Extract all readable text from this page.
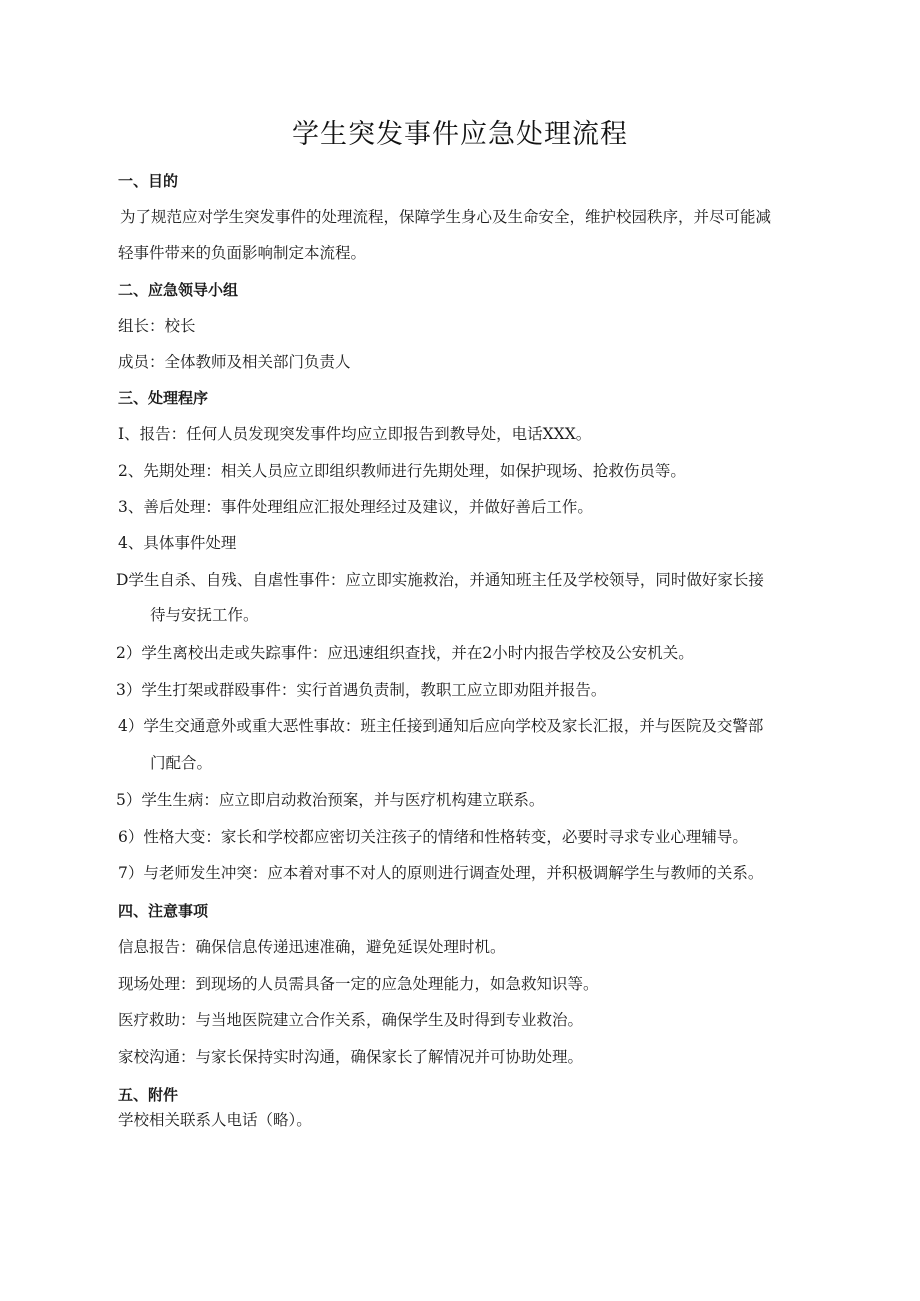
学生突发事件应急处理流程
一、目的
为了规范应对学生突发事件的处理流程，保障学生身心及生命安全，维护校园秩序，并尽可能减
轻事件带来的负面影响制定本流程。
二、应急领导小组
组长：校长
成员：全体教师及相关部门负责人
三、处理程序
I、报告：任何人员发现突发事件均应立即报告到教导处，电话XXX。
2、先期处理：相关人员应立即组织教师进行先期处理，如保护现场、抢救伤员等。
3、善后处理：事件处理组应汇报处理经过及建议，并做好善后工作。
4、具体事件处理
D学生自杀、自残、自虐性事件：应立即实施救治，并通知班主任及学校领导，同时做好家长接
待与安抚工作。
2）学生离校出走或失踪事件：应迅速组织查找，并在2小时内报告学校及公安机关。
3）学生打架或群殴事件：实行首遇负责制，教职工应立即劝阻并报告。
4）学生交通意外或重大恶性事故：班主任接到通知后应向学校及家长汇报，并与医院及交警部
门配合。
5）学生生病：应立即启动救治预案，并与医疗机构建立联系。
6）性格大变：家长和学校都应密切关注孩子的情绪和性格转变，必要时寻求专业心理辅导。
7）与老师发生冲突：应本着对事不对人的原则进行调查处理，并积极调解学生与教师的关系。
四、注意事项
信息报告：确保信息传递迅速准确，避免延误处理时机。
现场处理：到现场的人员需具备一定的应急处理能力，如急救知识等。
医疗救助：与当地医院建立合作关系，确保学生及时得到专业救治。
家校沟通：与家长保持实时沟通，确保家长了解情况并可协助处理。
五、附件
学校相关联系人电话（略）。
